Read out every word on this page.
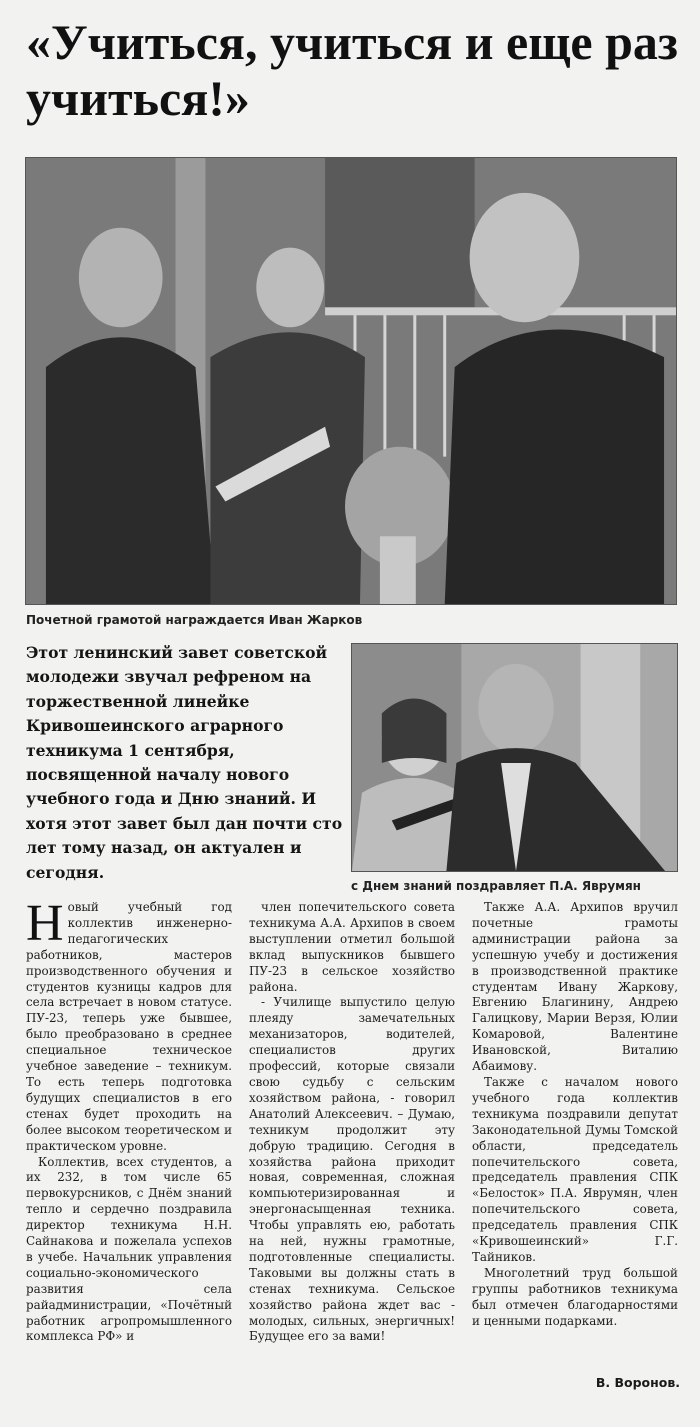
«Учиться, учиться и еще раз учиться!»
Почетной грамотой награждается Иван Жарков
Этот ленинский завет советской молодежи звучал рефреном на торжественной линейке Кривошеинского аграрного техникума 1 сентября, посвященной началу нового учебного года и Дню знаний. И хотя этот завет был дан почти сто лет тому назад, он актуален и сегодня.
с Днем знаний поздравляет П.А. Яврумян

Новый учебный год коллектив инженерно-педагогических работников, мастеров производственного обучения и студентов кузницы кадров для села встречает в новом статусе. ПУ-23, теперь уже бывшее, было преобразовано в среднее специальное техническое учебное заведение – техникум. То есть теперь подготовка будущих специалистов в его стенах будет проходить на более высоком теоретическом и практическом уровне.

Коллектив, всех студентов, а их 232, в том числе 65 первокурсников, с Днём знаний тепло и сердечно поздравила директор техникума Н.Н. Сайнакова и пожелала успехов в учебе. Начальник управления социально-экономического развития села райадминистрации, «Почётный работник агропромышленного комплекса РФ» и

член попечительского совета техникума А.А. Архипов в своем выступлении отметил большой вклад выпускников бывшего ПУ-23 в сельское хозяйство района.

- Училище выпустило целую плеяду замечательных механизаторов, водителей, специалистов других профессий, которые связали свою судьбу с сельским хозяйством района, - говорил Анатолий Алексеевич. – Думаю, техникум продолжит эту добрую традицию. Сегодня в хозяйства района приходит новая, современная, сложная компьютеризированная и энергонасыщенная техника. Чтобы управлять ею, работать на ней, нужны грамотные, подготовленные специалисты. Таковыми вы должны стать в стенах техникума. Сельское хозяйство района ждет вас - молодых, сильных, энергичных! Будущее его за вами!

Также А.А. Архипов вручил почетные грамоты администрации района за успешную учебу и достижения в производственной практике студентам Ивану Жаркову, Евгению Благинину, Андрею Галицкову, Марии Верзя, Юлии Комаровой, Валентине Ивановской, Виталию Абаимову.

Также с началом нового учебного года коллектив техникума поздравили депутат Законодательной Думы Томской области, председатель попечительского совета, председатель правления СПК «Белосток» П.А. Яврумян, член попечительского совета, председатель правления СПК «Кривошеинский» Г.Г. Тайников.

Многолетний труд большой группы работников техникума был отмечен благодарностями и ценными подарками.

В. Воронов.
